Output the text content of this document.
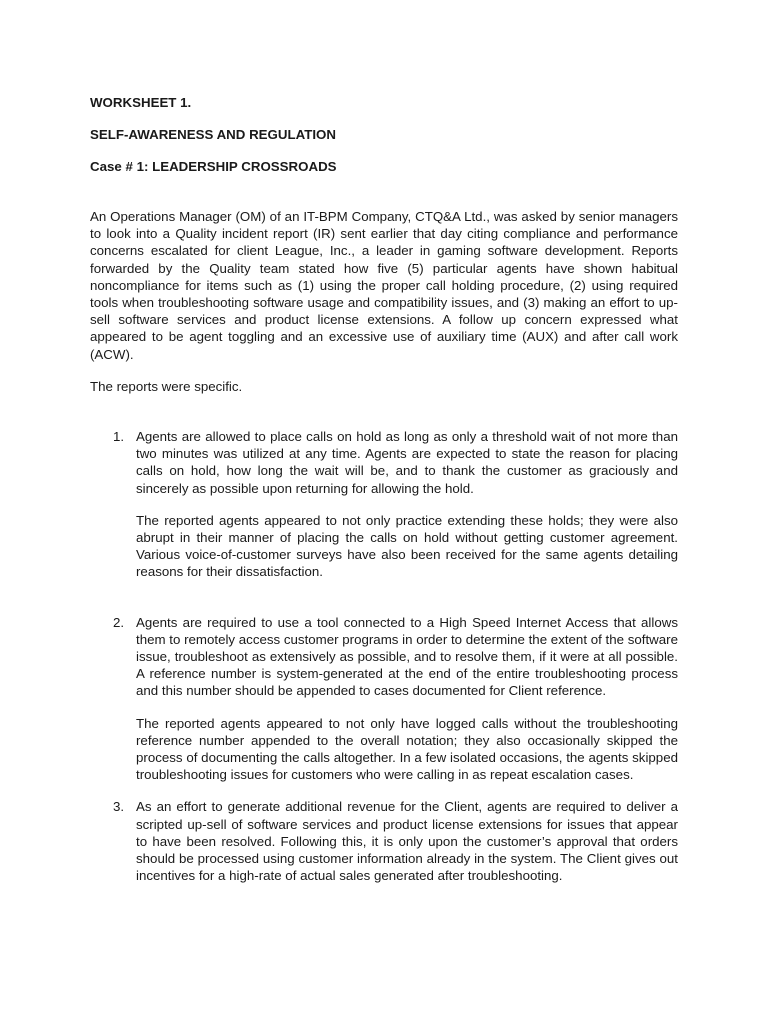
WORKSHEET 1.

SELF-AWARENESS AND REGULATION

Case # 1: LEADERSHIP CROSSROADS

An Operations Manager (OM) of an IT-BPM Company, CTQ&A Ltd., was asked by senior managers to look into a Quality incident report (IR) sent earlier that day citing compliance and performance concerns escalated for client League, Inc., a leader in gaming software development. Reports forwarded by the Quality team stated how five (5) particular agents have shown habitual noncompliance for items such as (1) using the proper call holding procedure, (2) using required tools when troubleshooting software usage and compatibility issues, and (3) making an effort to up-sell software services and product license extensions. A follow up concern expressed what appeared to be agent toggling and an excessive use of auxiliary time (AUX) and after call work (ACW).

The reports were specific.

1. Agents are allowed to place calls on hold as long as only a threshold wait of not more than two minutes was utilized at any time. Agents are expected to state the reason for placing calls on hold, how long the wait will be, and to thank the customer as graciously and sincerely as possible upon returning for allowing the hold.

The reported agents appeared to not only practice extending these holds; they were also abrupt in their manner of placing the calls on hold without getting customer agreement. Various voice-of-customer surveys have also been received for the same agents detailing reasons for their dissatisfaction.

2. Agents are required to use a tool connected to a High Speed Internet Access that allows them to remotely access customer programs in order to determine the extent of the software issue, troubleshoot as extensively as possible, and to resolve them, if it were at all possible. A reference number is system-generated at the end of the entire troubleshooting process and this number should be appended to cases documented for Client reference.

The reported agents appeared to not only have logged calls without the troubleshooting reference number appended to the overall notation; they also occasionally skipped the process of documenting the calls altogether. In a few isolated occasions, the agents skipped troubleshooting issues for customers who were calling in as repeat escalation cases.

3. As an effort to generate additional revenue for the Client, agents are required to deliver a scripted up-sell of software services and product license extensions for issues that appear to have been resolved. Following this, it is only upon the customer’s approval that orders should be processed using customer information already in the system. The Client gives out incentives for a high-rate of actual sales generated after troubleshooting.
